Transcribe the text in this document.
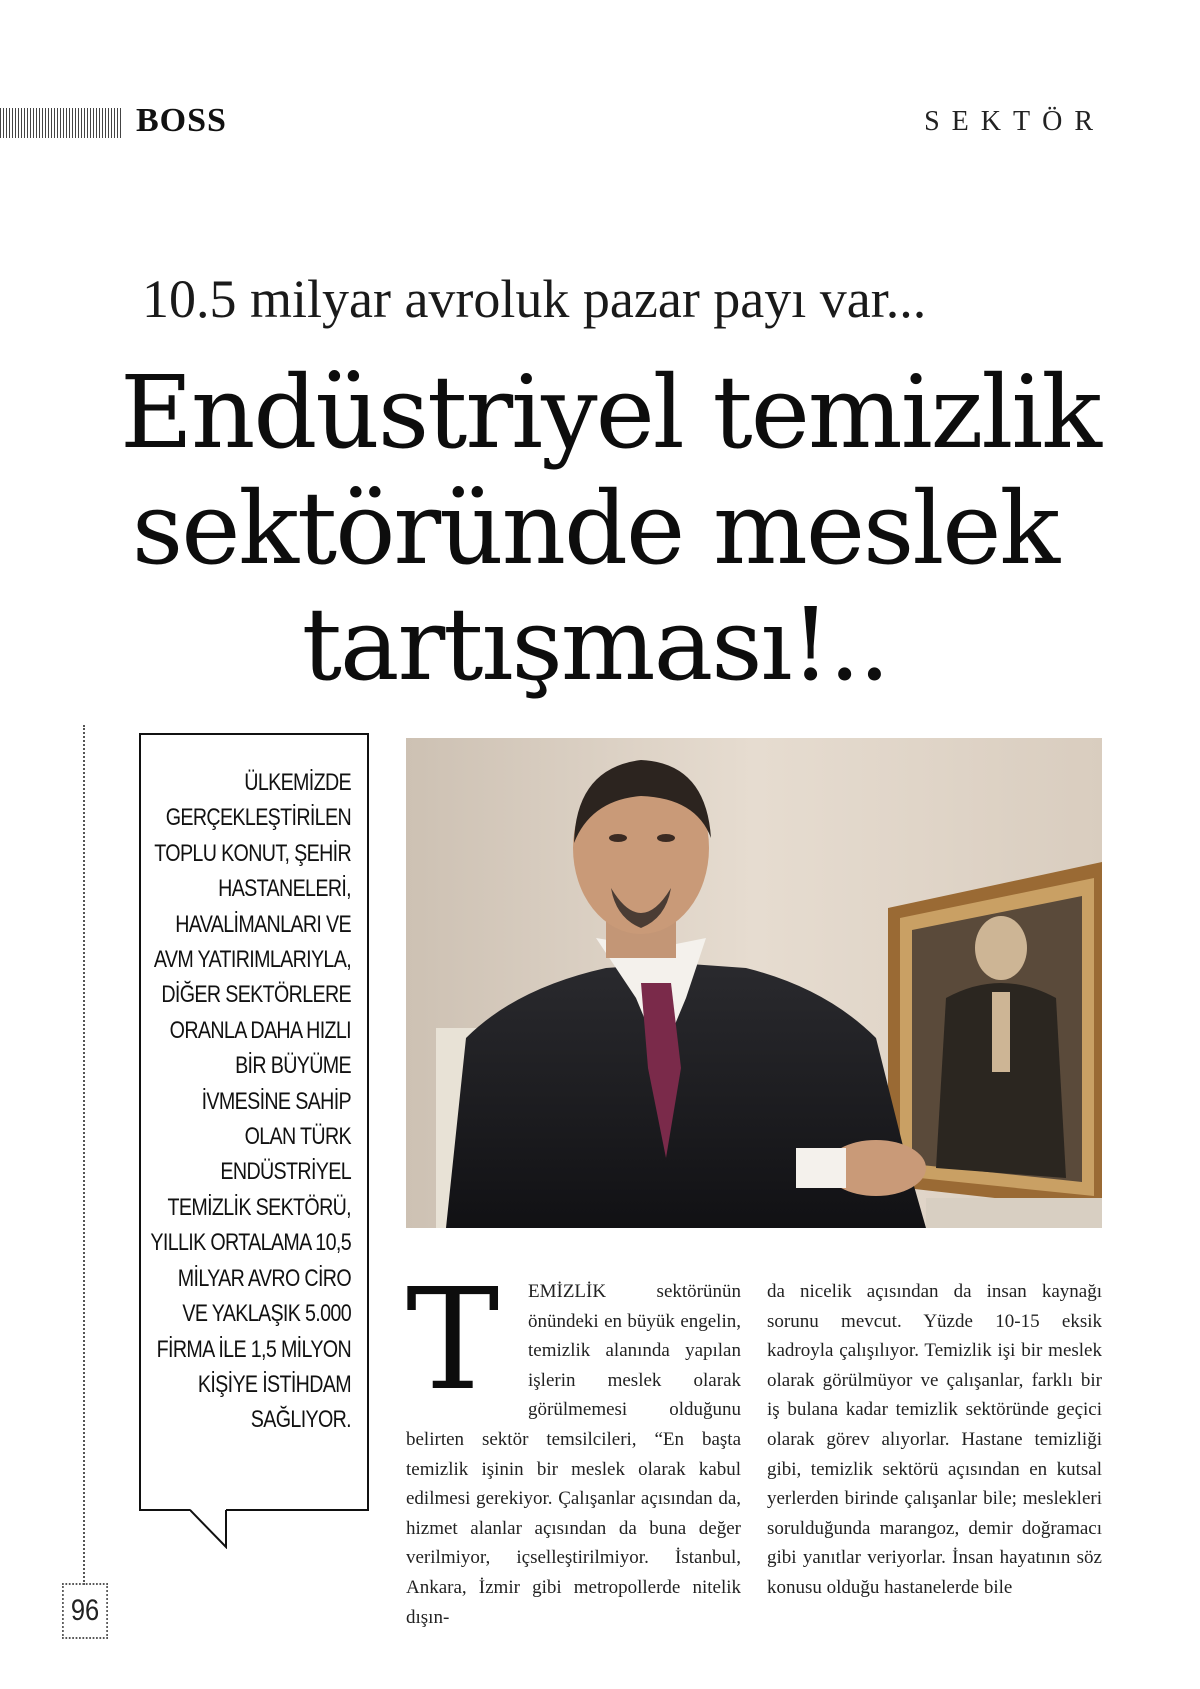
BOSS	SEKTÖR
10.5 milyar avroluk pazar payı var...
Endüstriyel temizlik
sektöründe meslek
tartışması!..
96
ÜLKEMİZDE GERÇEKLEŞTİRİLEN TOPLU KONUT, ŞEHİR HASTANELERİ, HAVALİMANLARI VE AVM YATIRIMLARIYLA, DİĞER SEKTÖRLERE ORANLA DAHA HIZLI BİR BÜYÜME İVMESİNE SAHİP OLAN TÜRK ENDÜSTRİYEL TEMİZLİK SEKTÖRÜ, YILLIK ORTALAMA 10,5 MİLYAR AVRO CİRO VE YAKLAŞIK 5.000 FİRMA İLE 1,5 MİLYON KİŞİYE İSTİHDAM SAĞLIYOR. T	EMİZLİK sektörünün önündeki en büyük engelin, temizlik alanında yapılan işlerin meslek olarak görülmemesi olduğunu belirten sektör temsilcileri, “En başta temizlik işinin bir meslek olarak kabul edilmesi gerekiyor. Çalışanlar açısından da, hizmet alanlar açısından da buna değer verilmiyor, içselleştirilmiyor. İstanbul, Ankara, İzmir gibi metropollerde nitelik dışın-

da nicelik açısından da insan kaynağı sorunu mevcut. Yüzde 10-15 eksik kadroyla çalışılıyor. Temizlik işi bir meslek olarak görülmüyor ve çalışanlar, farklı bir iş bulana kadar temizlik sektöründe geçici olarak görev alıyorlar. Hastane temizliği gibi, temizlik sektörü açısından en kutsal yerlerden birinde çalışanlar bile; meslekleri sorulduğunda marangoz, demir doğramacı gibi yanıtlar veriyorlar. İnsan hayatının söz konusu olduğu hastanelerde bile
